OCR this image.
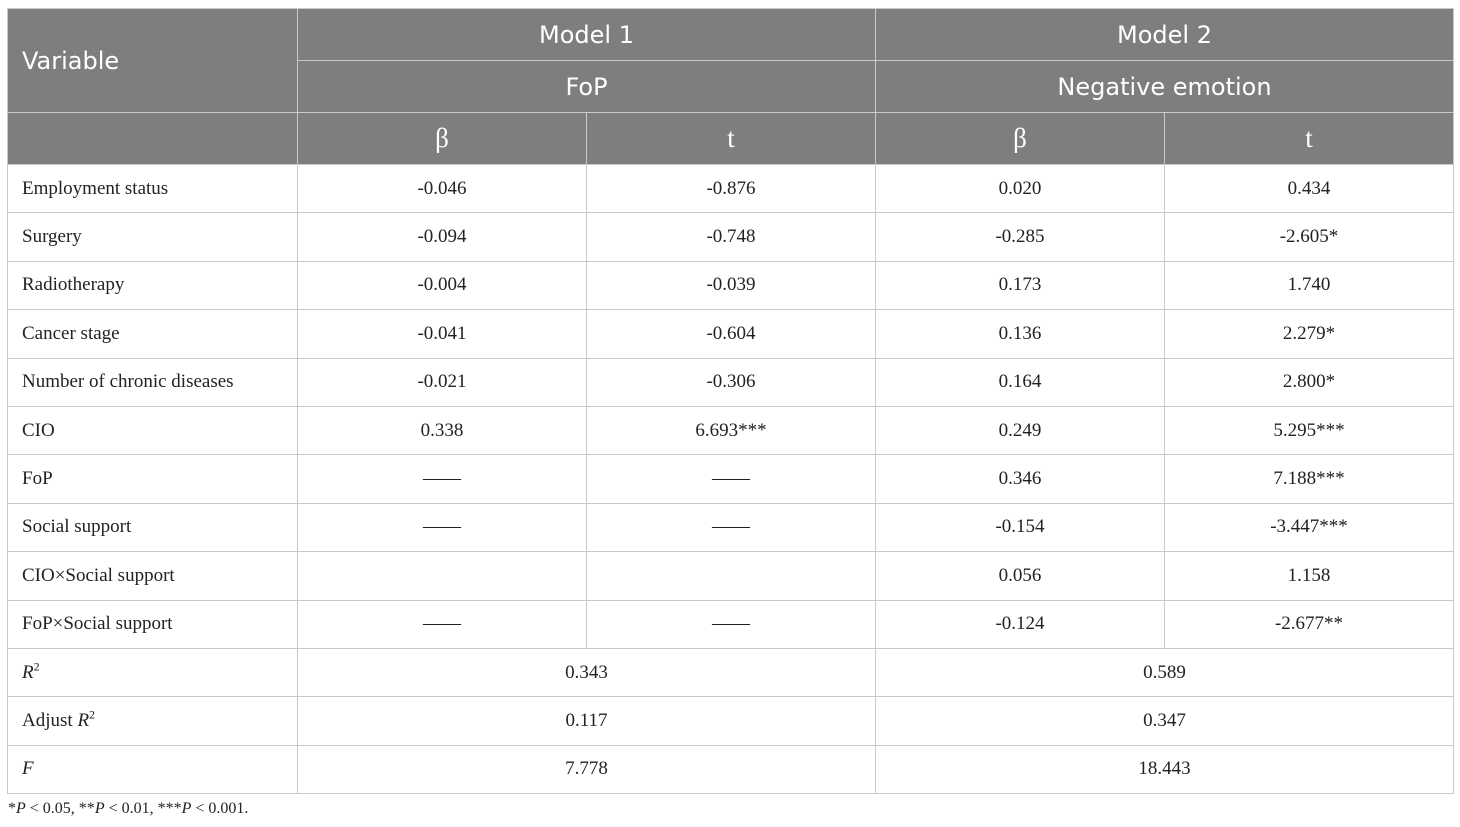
Variable	Model 1		Model 2	
	FoP		Negative emotion	
	β	t	β	t
Employment status	-0.046	-0.876	0.020	0.434
Surgery	-0.094	-0.748	-0.285	-2.605*
Radiotherapy	-0.004	-0.039	0.173	1.740
Cancer stage	-0.041	-0.604	0.136	2.279*
Number of chronic diseases	-0.021	-0.306	0.164	2.800*
CIO	0.338	6.693***	0.249	5.295***
FoP	——	——	0.346	7.188***
Social support	——	——	-0.154	-3.447***
CIO×Social support			0.056	1.158
FoP×Social support	——	——	-0.124	-2.677**
$R^2$	0.343		0.589	
Adjust $R^2$	0.117		0.347	
F	7.778		18.443	
*P < 0.05, **P < 0.01, ***P < 0.001.
